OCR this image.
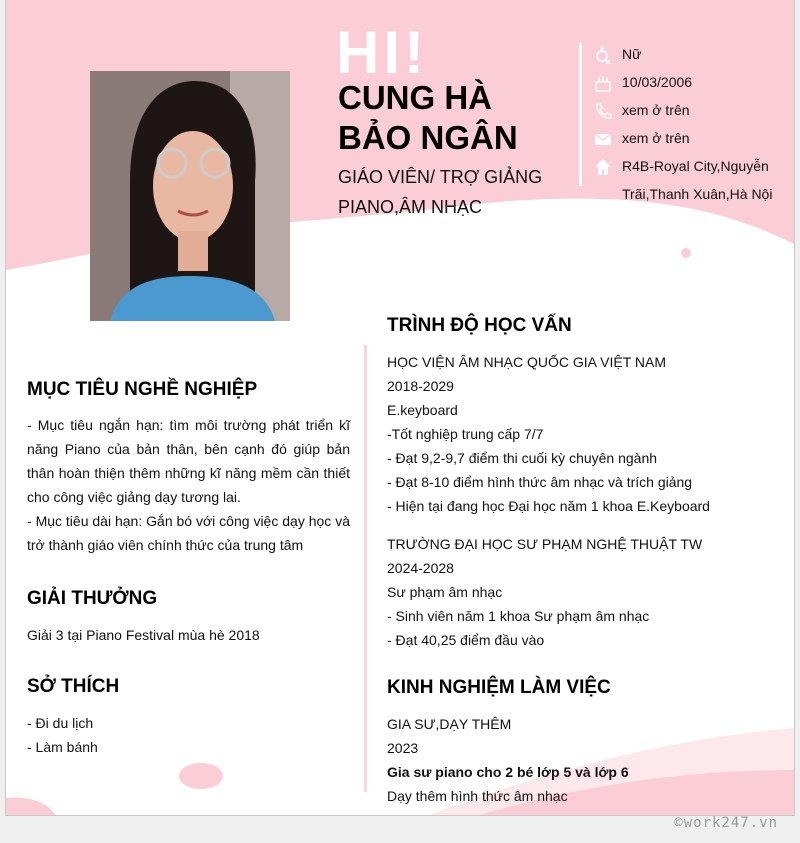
HI!
CUNG HÀ
BẢO NGÂN
GIÁO VIÊN/ TRỢ GIẢNG
PIANO,ÂM NHẠC
Nữ
10/03/2006
xem ở trên
xem ở trên
R4B-Royal City,Nguyễn
Trãi,Thanh Xuân,Hà Nội
MỤC TIÊU NGHỀ NGHIỆP
- Mục tiêu ngắn hạn: tìm môi trường phát triển kĩ năng Piano của bản thân, bên cạnh đó giúp bản thân hoàn thiện thêm những kĩ năng mềm cần thiết cho công việc giảng dạy tương lai.
- Mục tiêu dài hạn: Gắn bó với công việc dạy học và trở thành giáo viên chính thức của trung tâm
GIẢI THƯỞNG
Giải 3 tại Piano Festival mùa hè 2018
SỞ THÍCH
- Đi du lịch
- Làm bánh
TRÌNH ĐỘ HỌC VẤN
HỌC VIỆN ÂM NHẠC QUỐC GIA VIỆT NAM
2018-2029
E.keyboard
-Tốt nghiệp trung cấp 7/7
- Đạt 9,2-9,7 điểm thi cuối kỳ chuyên ngành
- Đạt 8-10 điểm hình thức âm nhạc và trích giảng
- Hiện tại đang học Đại học năm 1 khoa E.Keyboard
TRƯỜNG ĐẠI HỌC SƯ PHẠM NGHỆ THUẬT TW
2024-2028
Sư phạm âm nhạc
- Sinh viên năm 1 khoa Sư phạm âm nhạc
- Đạt 40,25 điểm đầu vào
KINH NGHIỆM LÀM VIỆC
GIA SƯ,DẠY THÊM
2023
Gia sư piano cho 2 bé lớp 5 và lớp 6
Dạy thêm hình thức âm nhạc
©work247.vn
